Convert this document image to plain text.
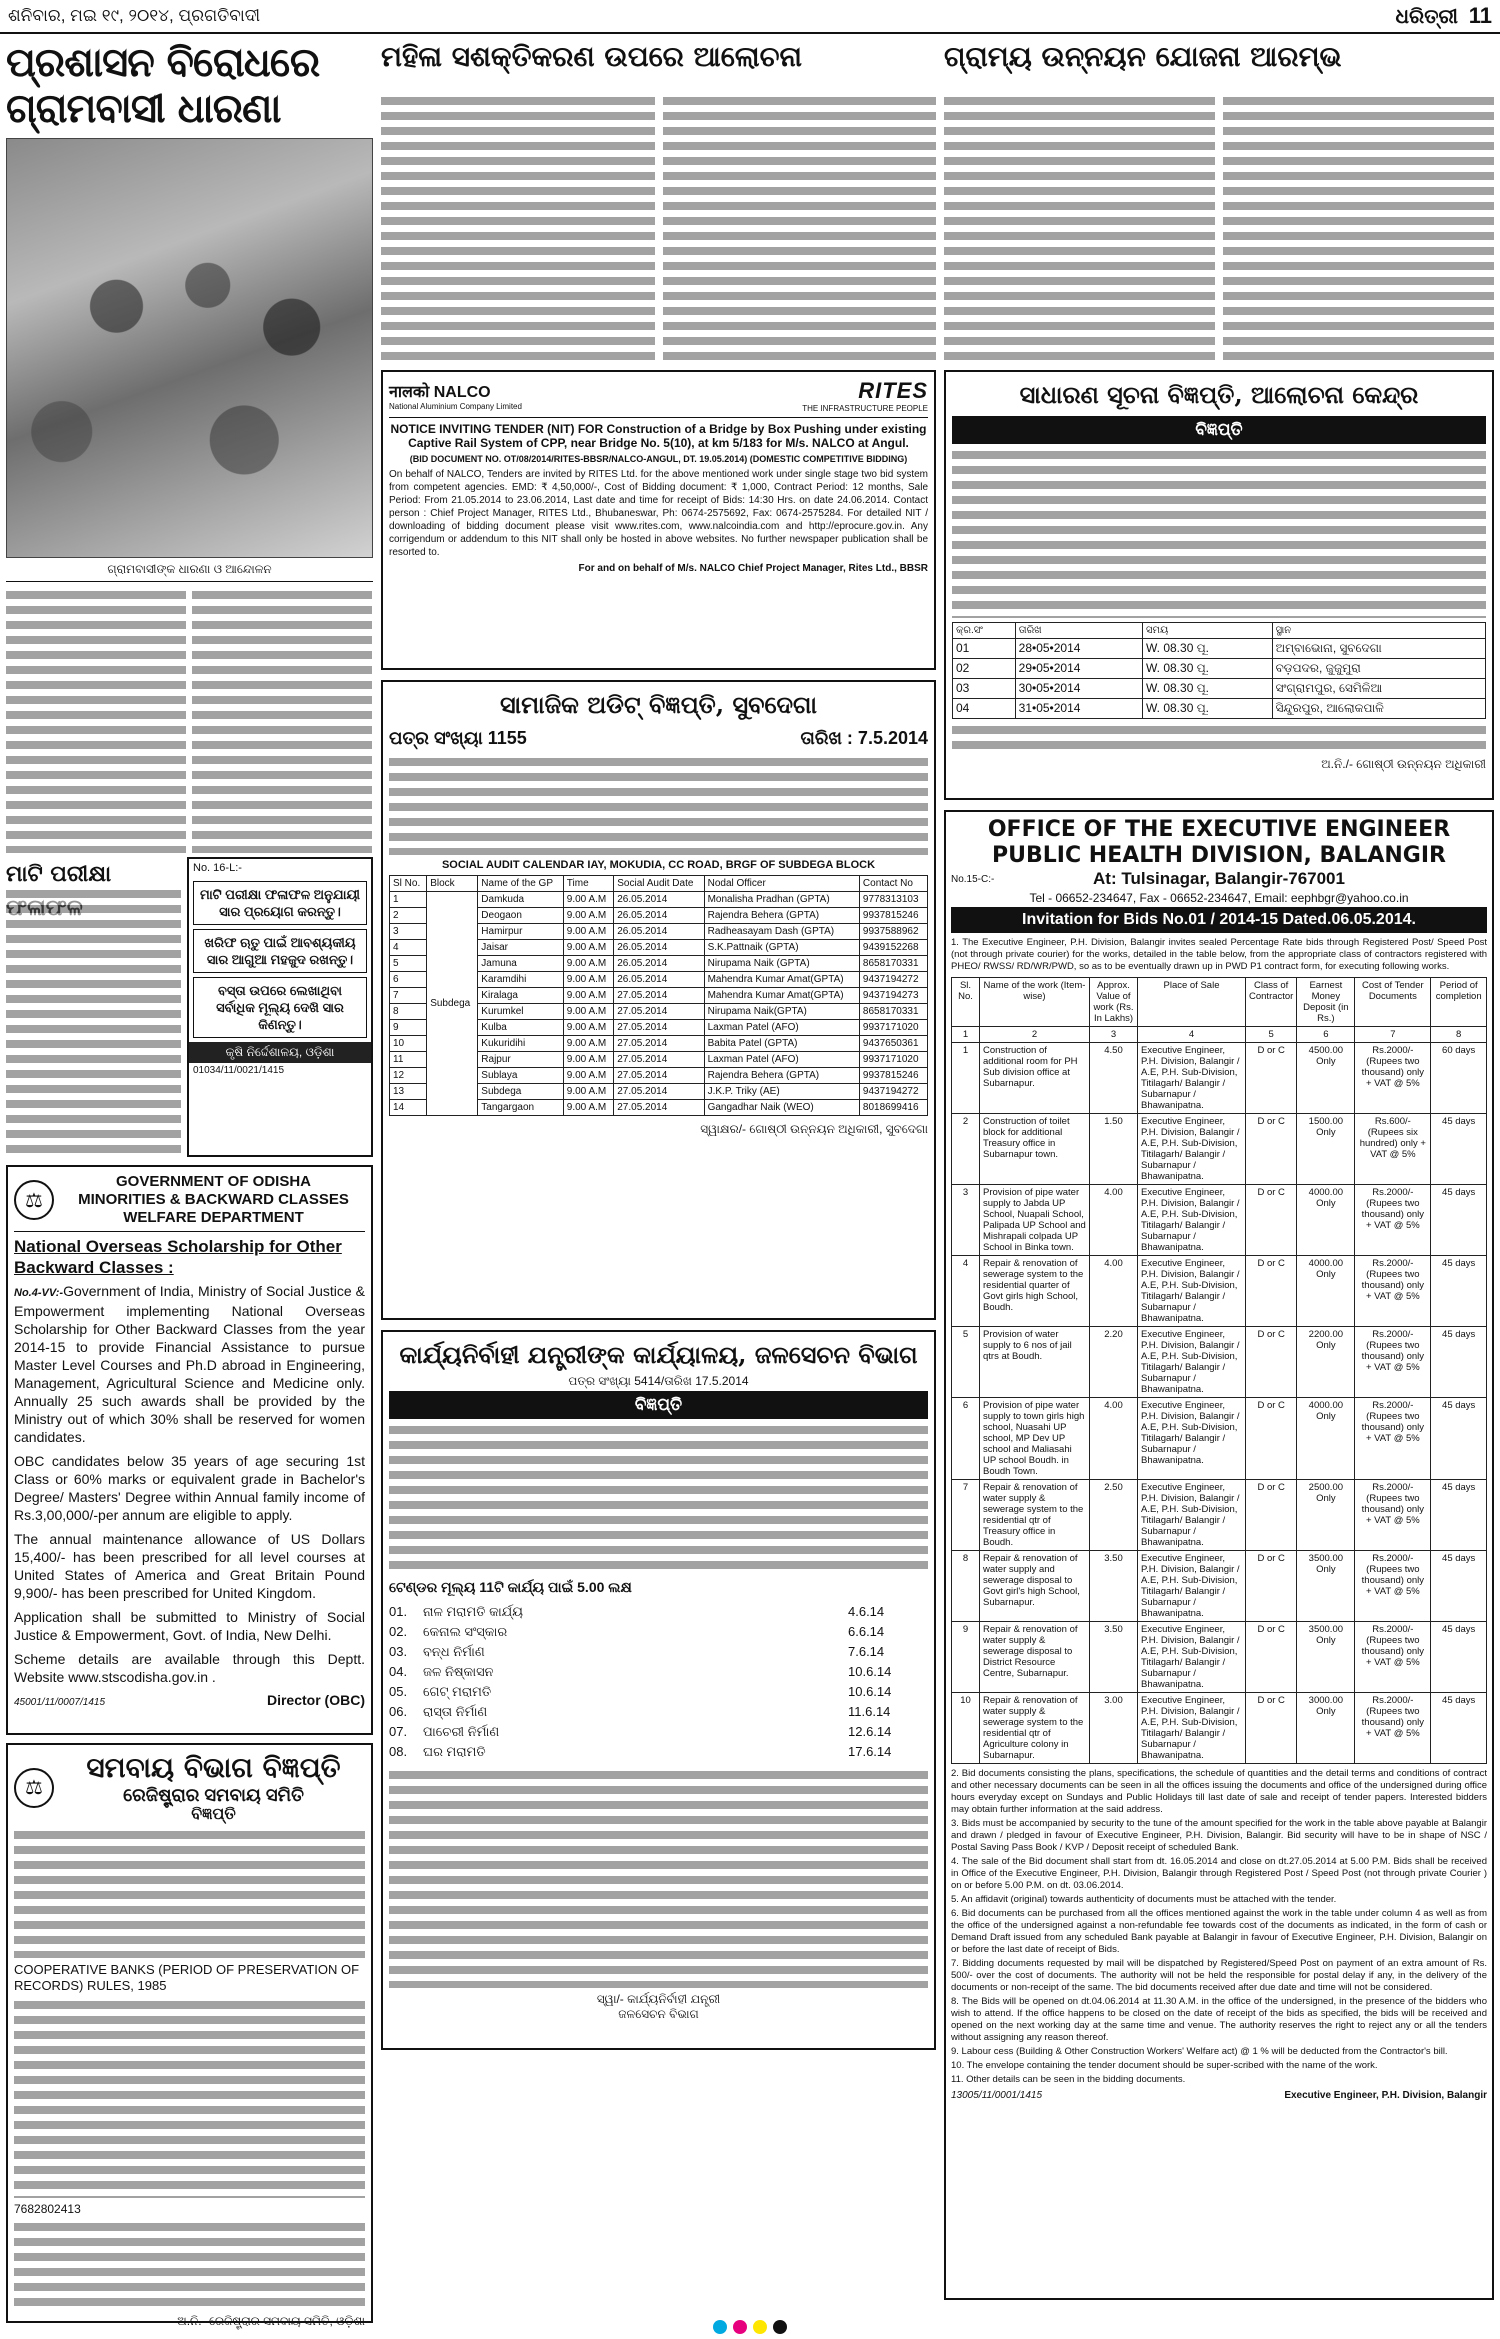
ଶନିବାର, ମଇ ୧୯, ୨୦୧୪, ପ୍ରଗତିବାଦୀ	ଧରିତ୍ରୀ 11
ପ୍ରଶାସନ ବିରୋଧରେ ଗ୍ରାମବାସୀ ଧାରଣା
ଗ୍ରାମବାସୀଙ୍କ ଧାରଣା ଓ ଆନ୍ଦୋଳନ
ମାଟି ପରୀକ୍ଷା	No. 16-L:-
ମାଟି ପରୀକ୍ଷା ଫଳାଫଳ ଅନୁଯାୟୀ ସାର ପ୍ରୟୋଗ କରନ୍ତୁ।
ଖରିଫ ଋତୁ ପାଇଁ ଆବଶ୍ୟକୀୟ ସାର ଆଗୁଆ ମହଜୁଦ ରଖନ୍ତୁ।
ବସ୍ତା ଉପରେ ଲେଖାଥିବା ସର୍ବାଧିକ ମୂଲ୍ୟ ଦେଖି ସାର କିଣନ୍ତୁ।
କୃଷି ନିର୍ଦ୍ଦେଶାଳୟ, ଓଡ଼ିଶା
01034/11/0021/1415
⚖
GOVERNMENT OF ODISHA
MINORITIES & BACKWARD CLASSES
WELFARE DEPARTMENT
National Overseas Scholarship for Other Backward Classes :

No.4-VV:-Government of India, Ministry of Social Justice & Empowerment implementing National Overseas Scholarship for Other Backward Classes from the year 2014-15 to provide Financial Assistance to pursue Master Level Courses and Ph.D abroad in Engineering, Management, Agricultural Science and Medicine only. Annually 25 such awards shall be provided by the Ministry out of which 30% shall be reserved for women candidates.

OBC candidates below 35 years of age securing 1st Class or 60% marks or equivalent grade in Bachelor's Degree/ Masters' Degree within Annual family income of Rs.3,00,000/-per annum are eligible to apply.

The annual maintenance allowance of US Dollars 15,400/- has been prescribed for all level courses at United States of America and Great Britain Pound 9,900/- has been prescribed for United Kingdom.

Application shall be submitted to Ministry of Social Justice & Empowerment, Govt. of India, New Delhi.

Scheme details are available through this Deptt. Website www.stscodisha.gov.in .

45001/11/0007/1415	Director (OBC)
⚖
ସମବାୟ ବିଭାଗ ବିଜ୍ଞପ୍ତି
ରେଜିଷ୍ଟ୍ରାର ସମବାୟ ସମିତି
ବିଜ୍ଞପ୍ତି
COOPERATIVE BANKS (PERIOD OF PRESERVATION OF RECORDS) RULES, 1985
7682802413
ଅ.ନି.- ରେଜିଷ୍ଟ୍ରାର ସମବାୟ ସମିତି, ଓଡ଼ିଶା
ମହିଳା ସଶକ୍ତିକରଣ ଉପରେ ଆଲୋଚନା
नालको NALCO
National Aluminium Company Limited
RITES
THE INFRASTRUCTURE PEOPLE
NOTICE INVITING TENDER (NIT) FOR Construction of a Bridge by Box Pushing under existing Captive Rail System of CPP, near Bridge No. 5(10), at km 5/183 for M/s. NALCO at Angul.
(BID DOCUMENT NO. OT/08/2014/RITES-BBSR/NALCO-ANGUL, DT. 19.05.2014) (DOMESTIC COMPETITIVE BIDDING)
On behalf of NALCO, Tenders are invited by RITES Ltd. for the above mentioned work under single stage two bid system from competent agencies. EMD: ₹ 4,50,000/-, Cost of Bidding document: ₹ 1,000, Contract Period: 12 months, Sale Period: From 21.05.2014 to 23.06.2014, Last date and time for receipt of Bids: 14:30 Hrs. on date 24.06.2014. Contact person : Chief Project Manager, RITES Ltd., Bhubaneswar, Ph: 0674-2575692, Fax: 0674-2575284. For detailed NIT / downloading of bidding document please visit www.rites.com, www.nalcoindia.com and http://eprocure.gov.in. Any corrigendum or addendum to this NIT shall only be hosted in above websites. No further newspaper publication shall be resorted to.
For and on behalf of M/s. NALCO Chief Project Manager, Rites Ltd., BBSR
ସାମାଜିକ ଅଡିଟ୍ ବିଜ୍ଞପ୍ତି, ସୁବଦେଗା
ପତ୍ର ସଂଖ୍ୟା 1155	ତାରିଖ : 7.5.2014
SOCIAL AUDIT CALENDAR IAY, MOKUDIA, CC ROAD, BRGF OF SUBDEGA BLOCK
Sl No.	Block	Name of the GP	Time	Social Audit Date	Nodal Officer	Contact No
1	Subdega	Damkuda	9.00 A.M	26.05.2014	Monalisha Pradhan (GPTA)	9778313103
2		Deogaon	9.00 A.M	26.05.2014	Rajendra Behera (GPTA)	9937815246
3		Hamirpur	9.00 A.M	26.05.2014	Radheasayam Dash (GPTA)	9937588962
4		Jaisar	9.00 A.M	26.05.2014	S.K.Pattnaik (GPTA)	9439152268
5		Jamuna	9.00 A.M	26.05.2014	Nirupama Naik (GPTA)	8658170331
6		Karamdihi	9.00 A.M	26.05.2014	Mahendra Kumar Amat(GPTA)	9437194272
7		Kiralaga	9.00 A.M	27.05.2014	Mahendra Kumar Amat(GPTA)	9437194273
8		Kurumkel	9.00 A.M	27.05.2014	Nirupama Naik(GPTA)	8658170331
9		Kulba	9.00 A.M	27.05.2014	Laxman Patel (AFO)	9937171020
10		Kukuridihi	9.00 A.M	27.05.2014	Babita Patel (GPTA)	9437650361
11		Rajpur	9.00 A.M	27.05.2014	Laxman Patel (AFO)	9937171020
12		Sublaya	9.00 A.M	27.05.2014	Rajendra Behera (GPTA)	9937815246
13		Subdega	9.00 A.M	27.05.2014	J.K.P. Triky (AE)	9437194272
14		Tangargaon	9.00 A.M	27.05.2014	Gangadhar Naik (WEO)	8018699416
ସ୍ୱାକ୍ଷର/- ଗୋଷ୍ଠୀ ଉନ୍ନୟନ ଅଧିକାରୀ, ସୁବଦେଗା
କାର୍ଯ୍ୟନିର୍ବାହୀ ଯନ୍ତ୍ରୀଙ୍କ କାର୍ଯ୍ୟାଳୟ, ଜଳସେଚନ ବିଭାଗ
ପତ୍ର ସଂଖ୍ୟା 5414/ତାରିଖ 17.5.2014
ବିଜ୍ଞପ୍ତି
ଟେଣ୍ଡର ମୂଲ୍ୟ 11ଟି କାର୍ଯ୍ୟ ପାଇଁ 5.00 ଲକ୍ଷ
01.	ନାଳ ମରାମତି କାର୍ଯ୍ୟ	4.6.14
02.	କେନାଲ ସଂସ୍କାର	6.6.14
03.	ବନ୍ଧ ନିର୍ମାଣ	7.6.14
04.	ଜଳ ନିଷ୍କାସନ	10.6.14
05.	ଗେଟ୍ ମରାମତି	10.6.14
06.	ରାସ୍ତା ନିର୍ମାଣ	11.6.14
07.	ପାଚେରୀ ନିର୍ମାଣ	12.6.14
08.	ଘର ମରାମତି	17.6.14
ସ୍ୱା/- କାର୍ଯ୍ୟନିର୍ବାହୀ ଯନ୍ତ୍ରୀ
ଜଳସେଚନ ବିଭାଗ
ଗ୍ରାମ୍ୟ ଉନ୍ନୟନ ଯୋଜନା ଆରମ୍ଭ
ସାଧାରଣ ସୂଚନା ବିଜ୍ଞପ୍ତି, ଆଲୋଚନା କେନ୍ଦ୍ର
ବିଜ୍ଞପ୍ତି
କ୍ର.ସଂ	ତାରିଖ	ସମୟ	ସ୍ଥାନ
01	28•05•2014	W. 08.30 ପୂ.	ଅମ୍ବାଭୋନା, ସୁବଦେଗା
02	29•05•2014	W. 08.30 ପୂ.	ବଡ଼ପଦର, ଜୁଜୁମୁରା
03	30•05•2014	W. 08.30 ପୂ.	ସଂଗ୍ରାମପୁର, ସେମିଳିଆ
04	31•05•2014	W. 08.30 ପୂ.	ସିନ୍ଦୁରପୁର, ଆଲୋକପାଳି
ଅ.ନି./- ଗୋଷ୍ଠୀ ଉନ୍ନୟନ ଅଧିକାରୀ
OFFICE OF THE EXECUTIVE ENGINEER
PUBLIC HEALTH DIVISION, BALANGIR
No.15-C:-	At: Tulsinagar, Balangir-767001
Tel - 06652-234647, Fax - 06652-234647, Email: eephbgr@yahoo.co.in
Invitation for Bids No.01 / 2014-15 Dated.06.05.2014.
1. The Executive Engineer, P.H. Division, Balangir invites sealed Percentage Rate bids through Registered Post/ Speed Post (not through private courier) for the works, detailed in the table below, from the appropriate class of contractors registered with PHEO/ RWSS/ RD/WR/PWD, so as to be eventually drawn up in PWD P1 contract form, for executing following works.
Sl. No.	Name of the work (Item-wise)	Approx. Value of work (Rs. In Lakhs)	Place of Sale	Class of Contractor	Earnest Money Deposit (in Rs.)	Cost of Tender Documents	Period of completion
1	2	3	4	5	6	7	8
1	Construction of additional room for PH Sub division office at Subarnapur.	4.50	Executive Engineer, P.H. Division, Balangir / A.E, P.H. Sub-Division, Titilagarh/ Balangir / Subarnapur / Bhawanipatna.	D or C	4500.00 Only	Rs.2000/- (Rupees two thousand) only + VAT @ 5%	60 days
2	Construction of toilet block for additional Treasury office in Subarnapur town.	1.50	Executive Engineer, P.H. Division, Balangir / A.E, P.H. Sub-Division, Titilagarh/ Balangir / Subarnapur / Bhawanipatna.	D or C	1500.00 Only	Rs.600/- (Rupees six hundred) only + VAT @ 5%	45 days
3	Provision of pipe water supply to Jabda UP School, Nuapali School, Palipada UP School and Mishrapali colpada UP School in Binka town.	4.00	Executive Engineer, P.H. Division, Balangir / A.E, P.H. Sub-Division, Titilagarh/ Balangir / Subarnapur / Bhawanipatna.	D or C	4000.00 Only	Rs.2000/- (Rupees two thousand) only + VAT @ 5%	45 days
4	Repair & renovation of sewerage system to the residential quarter of Govt girls high School, Boudh.	4.00	Executive Engineer, P.H. Division, Balangir / A.E, P.H. Sub-Division, Titilagarh/ Balangir / Subarnapur / Bhawanipatna.	D or C	4000.00 Only	Rs.2000/- (Rupees two thousand) only + VAT @ 5%	45 days
5	Provision of water supply to 6 nos of jail qtrs at Boudh.	2.20	Executive Engineer, P.H. Division, Balangir / A.E, P.H. Sub-Division, Titilagarh/ Balangir / Subarnapur / Bhawanipatna.	D or C	2200.00 Only	Rs.2000/- (Rupees two thousand) only + VAT @ 5%	45 days
6	Provision of pipe water supply to town girls high school, Nuasahi UP school, MP Dev UP school and Maliasahi UP school Boudh. in Boudh Town.	4.00	Executive Engineer, P.H. Division, Balangir / A.E, P.H. Sub-Division, Titilagarh/ Balangir / Subarnapur / Bhawanipatna.	D or C	4000.00 Only	Rs.2000/- (Rupees two thousand) only + VAT @ 5%	45 days
7	Repair & renovation of water supply & sewerage system to the residential qtr of Treasury office in Boudh.	2.50	Executive Engineer, P.H. Division, Balangir / A.E, P.H. Sub-Division, Titilagarh/ Balangir / Subarnapur / Bhawanipatna.	D or C	2500.00 Only	Rs.2000/- (Rupees two thousand) only + VAT @ 5%	45 days
8	Repair & renovation of water supply and sewerage disposal to Govt girl's high School, Subarnapur.	3.50	Executive Engineer, P.H. Division, Balangir / A.E, P.H. Sub-Division, Titilagarh/ Balangir / Subarnapur / Bhawanipatna.	D or C	3500.00 Only	Rs.2000/- (Rupees two thousand) only + VAT @ 5%	45 days
9	Repair & renovation of water supply & sewerage disposal to District Resource Centre, Subarnapur.	3.50	Executive Engineer, P.H. Division, Balangir / A.E, P.H. Sub-Division, Titilagarh/ Balangir / Subarnapur / Bhawanipatna.	D or C	3500.00 Only	Rs.2000/- (Rupees two thousand) only + VAT @ 5%	45 days
10	Repair & renovation of water supply & sewerage system to the residential qtr of Agriculture colony in Subarnapur.	3.00	Executive Engineer, P.H. Division, Balangir / A.E, P.H. Sub-Division, Titilagarh/ Balangir / Subarnapur / Bhawanipatna.	D or C	3000.00 Only	Rs.2000/- (Rupees two thousand) only + VAT @ 5%	45 days

2. Bid documents consisting the plans, specifications, the schedule of quantities and the detail terms and conditions of contract and other necessary documents can be seen in all the offices issuing the documents and office of the undersigned during office hours everyday except on Sundays and Public Holidays till last date of sale and receipt of tender papers. Interested bidders may obtain further information at the said address.

3. Bids must be accompanied by security to the tune of the amount specified for the work in the table above payable at Balangir and drawn / pledged in favour of Executive Engineer, P.H. Division, Balangir. Bid security will have to be in shape of NSC / Postal Saving Pass Book / KVP / Deposit receipt of scheduled Bank.

4. The sale of the Bid document shall start from dt. 16.05.2014 and close on dt.27.05.2014 at 5.00 P.M. Bids shall be received in Office of the Executive Engineer, P.H. Division, Balangir through Registered Post / Speed Post (not through private Courier ) on or before 5.00 P.M. on dt. 03.06.2014.

5. An affidavit (original) towards authenticity of documents must be attached with the tender.

6. Bid documents can be purchased from all the offices mentioned against the work in the table under column 4 as well as from the office of the undersigned against a non-refundable fee towards cost of the documents as indicated, in the form of cash or Demand Draft issued from any scheduled Bank payable at Balangir in favour of Executive Engineer, P.H. Division, Balangir on or before the last date of receipt of Bids.

7. Bidding documents requested by mail will be dispatched by Registered/Speed Post on payment of an extra amount of Rs. 500/- over the cost of documents. The authority will not be held the responsible for postal delay if any, in the delivery of the documents or non-receipt of the same. The bid documents received after due date and time will not be considered.

8. The Bids will be opened on dt.04.06.2014 at 11.30 A.M. in the office of the undersigned, in the presence of the bidders who wish to attend. If the office happens to be closed on the date of receipt of the bids as specified, the bids will be received and opened on the next working day at the same time and venue. The authority reserves the right to reject any or all the tenders without assigning any reason thereof.

9. Labour cess (Building & Other Construction Workers' Welfare act) @ 1 % will be deducted from the Contractor's bill.

10. The envelope containing the tender document should be super-scribed with the name of the work.

11. Other details can be seen in the bidding documents.

13005/11/0001/1415	Executive Engineer, P.H. Division, Balangir
